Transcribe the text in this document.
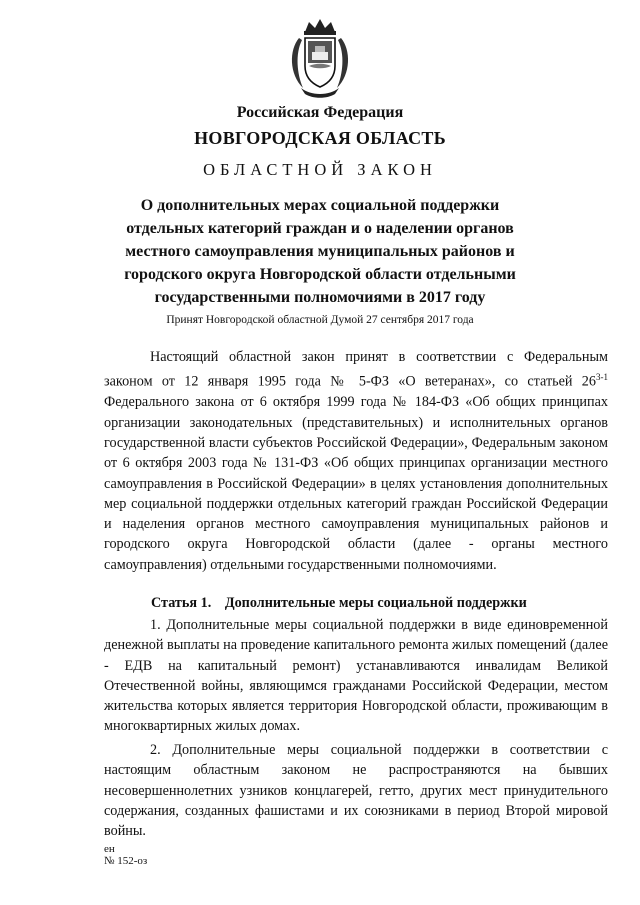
Российская Федерация
НОВГОРОДСКАЯ ОБЛАСТЬ
ОБЛАСТНОЙ ЗАКОН
О дополнительных мерах социальной поддержки отдельных категорий граждан и о наделении органов местного самоуправления муниципальных районов и городского округа Новгородской области отдельными государственными полномочиями в 2017 году
Принят Новгородской областной Думой 27 сентября 2017 года

Настоящий областной закон принят в соответствии с Федеральным законом от 12 января 1995 года № 5-ФЗ «О ветеранах», со статьей 26$^{3-1}$ Федерального закона от 6 октября 1999 года № 184-ФЗ «Об общих принципах организации законодательных (представительных) и исполнительных органов государственной власти субъектов Российской Федерации», Федеральным законом от 6 октября 2003 года № 131-ФЗ «Об общих принципах организации местного самоуправления в Российской Федерации» в целях установления дополнительных мер социальной поддержки отдельных категорий граждан Российской Федерации и наделения органов местного самоуправления муниципальных районов и городского округа Новгородской области (далее - органы местного самоуправления) отдельными государственными полномочиями.

Статья 1. Дополнительные меры социальной поддержки

1. Дополнительные меры социальной поддержки в виде единовременной денежной выплаты на проведение капитального ремонта жилых помещений (далее - ЕДВ на капитальный ремонт) устанавливаются инвалидам Великой Отечественной войны, являющимся гражданами Российской Федерации, местом жительства которых является территория Новгородской области, проживающим в многоквартирных жилых домах.

2. Дополнительные меры социальной поддержки в соответствии с настоящим областным законом не распространяются на бывших несовершеннолетних узников концлагерей, гетто, других мест принудительного содержания, созданных фашистами и их союзниками в период Второй мировой войны.

ен
№ 152-оз
